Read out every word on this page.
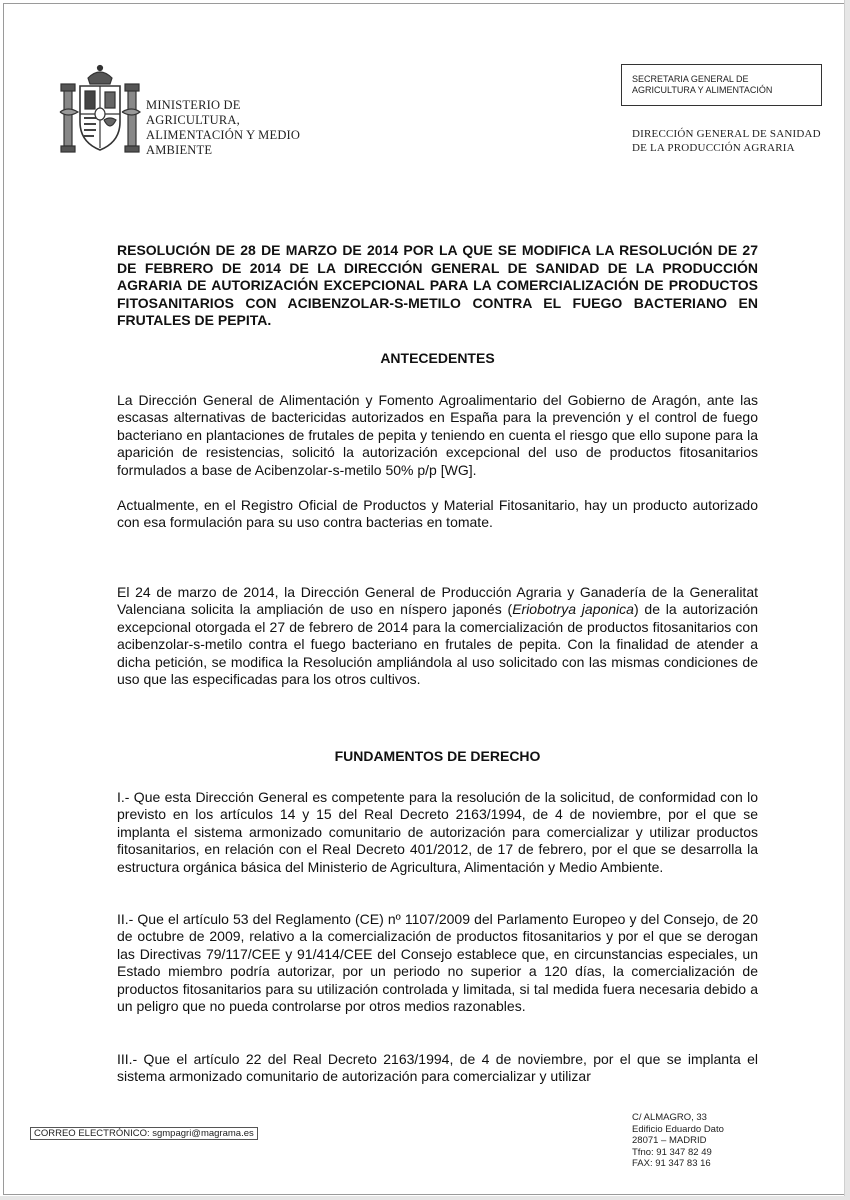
MINISTERIO DE
AGRICULTURA,
ALIMENTACIÓN Y MEDIO
AMBIENTE
SECRETARIA GENERAL DE
AGRICULTURA Y ALIMENTACIÓN
DIRECCIÓN GENERAL DE SANIDAD
DE LA PRODUCCIÓN AGRARIA
RESOLUCIÓN DE 28 DE MARZO DE 2014 POR LA QUE SE MODIFICA LA RESOLUCIÓN DE 27 DE FEBRERO DE 2014 DE LA DIRECCIÓN GENERAL DE SANIDAD DE LA PRODUCCIÓN AGRARIA DE AUTORIZACIÓN EXCEPCIONAL PARA LA COMERCIALIZACIÓN DE PRODUCTOS FITOSANITARIOS CON ACIBENZOLAR-S-METILO CONTRA EL FUEGO BACTERIANO EN FRUTALES DE PEPITA.
ANTECEDENTES
La Dirección General de Alimentación y Fomento Agroalimentario del Gobierno de Aragón, ante las escasas alternativas de bactericidas autorizados en España para la prevención y el control de fuego bacteriano en plantaciones de frutales de pepita y teniendo en cuenta el riesgo que ello supone para la aparición de resistencias, solicitó la autorización excepcional del uso de productos fitosanitarios formulados a base de Acibenzolar-s-metilo 50% p/p [WG].
Actualmente, en el Registro Oficial de Productos y Material Fitosanitario, hay un producto autorizado con esa formulación para su uso contra bacterias en tomate.
El 24 de marzo de 2014, la Dirección General de Producción Agraria y Ganadería de la Generalitat Valenciana solicita la ampliación de uso en níspero japonés (Eriobotrya japonica) de la autorización excepcional otorgada el 27 de febrero de 2014 para la comercialización de productos fitosanitarios con acibenzolar-s-metilo contra el fuego bacteriano en frutales de pepita. Con la finalidad de atender a dicha petición, se modifica la Resolución ampliándola al uso solicitado con las mismas condiciones de uso que las especificadas para los otros cultivos.
FUNDAMENTOS DE DERECHO
I.- Que esta Dirección General es competente para la resolución de la solicitud, de conformidad con lo previsto en los artículos 14 y 15 del Real Decreto 2163/1994, de 4 de noviembre, por el que se implanta el sistema armonizado comunitario de autorización para comercializar y utilizar productos fitosanitarios, en relación con el Real Decreto 401/2012, de 17 de febrero, por el que se desarrolla la estructura orgánica básica del Ministerio de Agricultura, Alimentación y Medio Ambiente.
II.- Que el artículo 53 del Reglamento (CE) nº 1107/2009 del Parlamento Europeo y del Consejo, de 20 de octubre de 2009, relativo a la comercialización de productos fitosanitarios y por el que se derogan las Directivas 79/117/CEE y 91/414/CEE del Consejo establece que, en circunstancias especiales, un Estado miembro podría autorizar, por un periodo no superior a 120 días, la comercialización de productos fitosanitarios para su utilización controlada y limitada, si tal medida fuera necesaria debido a un peligro que no pueda controlarse por otros medios razonables.
III.- Que el artículo 22 del Real Decreto 2163/1994, de 4 de noviembre, por el que se implanta el sistema armonizado comunitario de autorización para comercializar y utilizar
CORREO ELECTRÓNICO: sgmpagri@magrama.es
C/ ALMAGRO, 33
Edificio Eduardo Dato
28071 – MADRID
Tfno: 91 347 82 49
FAX: 91 347 83 16
